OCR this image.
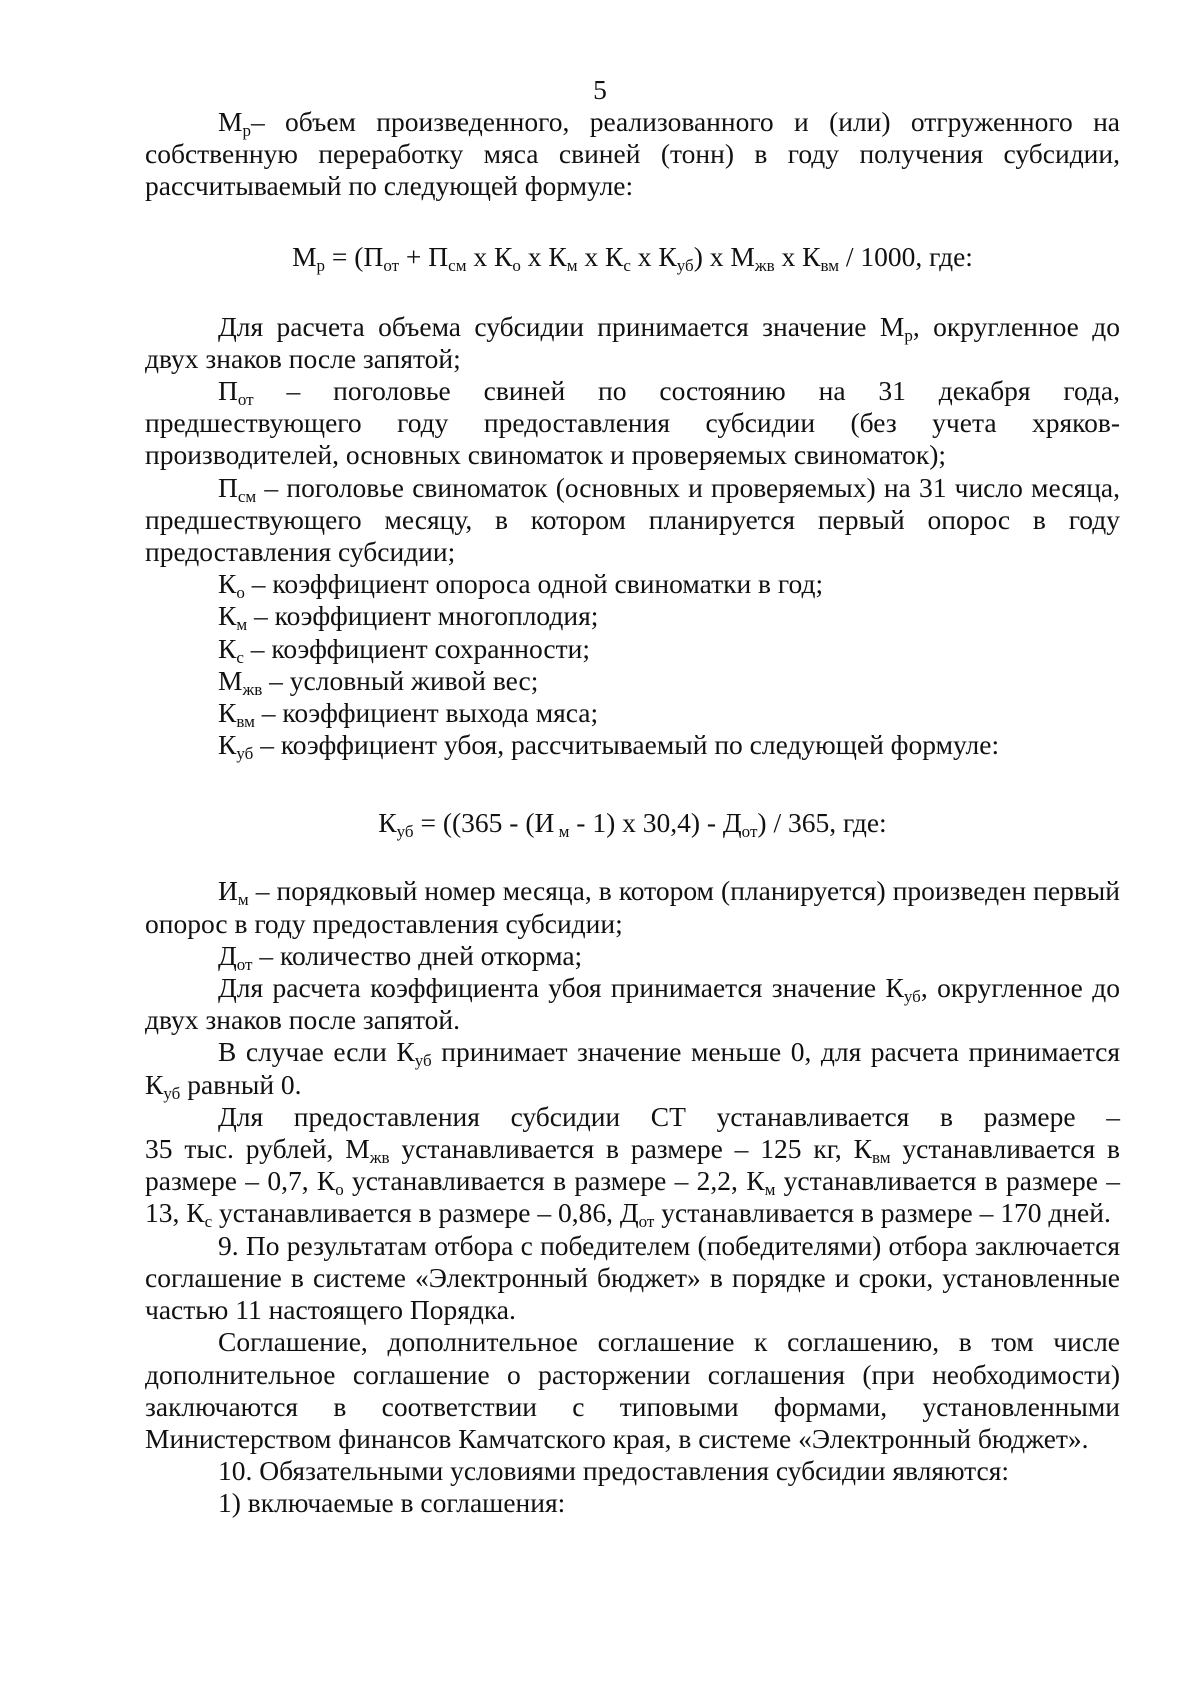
5

$М_р-$ объем произведенного, реализованного и (или) отгруженного на собственную переработку мяса свиней (тонн) в году получения субсидии, рассчитываемый по следующей формуле:

$М_р = (П_{от} + П_{см}$ х $К_о$ х $К_м$ х $К_с$ х $К_{уб}$) х $М_{жв}$ х $К_{вм} / 1000$, где:

Для расчета объема субсидии принимается значение $М_р$, округленное до двух знаков после запятой;

$П_{от}$ – поголовье свиней по состоянию на 31 декабря года,

предшествующего году предоставления субсидии (без учета хряков-производителей, основных свиноматок и проверяемых свиноматок);

$П_{см}$ – поголовье свиноматок (основных и проверяемых) на 31 число месяца, предшествующего месяцу, в котором планируется первый опорос в году предоставления субсидии;

$К_о$ – коэффициент опороса одной свиноматки в год;

$К_м$ – коэффициент многоплодия;

$К_с$ – коэффициент сохранности;

$М_{жв}$ – условный живой вес;

$К_{вм}$ – коэффициент выхода мяса;

$К_{уб}$ – коэффициент убоя, рассчитываемый по следующей формуле:

$К_{уб} = ((365 - (И$ $_м$ - 1) х $30,4) - Д_{от}) / 365$, где:

$И_м$ – порядковый номер месяца, в котором (планируется) произведен первый опорос в году предоставления субсидии;

$Д_{от}$ – количество дней откорма;

Для расчета коэффициента убоя принимается значение $К_{уб}$, округленное до двух знаков после запятой.

В случае если $К_{уб}$ принимает значение меньше 0, для расчета принимается $К_{уб}$ равный 0.

Для предоставления субсидии СТ устанавливается в размере –

35 тыс. рублей, $М_{жв}$ устанавливается в размере – 125 кг, $К_{вм}$ устанавливается в размере – 0,7, $К_о$ устанавливается в размере – 2,2, $К_м$ устанавливается в размере – 13, $К_с$ устанавливается в размере – 0,86, $Д_{от}$ устанавливается в размере – 170 дней.

9. По результатам отбора с победителем (победителями) отбора заключается соглашение в системе «Электронный бюджет» в порядке и сроки, установленные частью 11 настоящего Порядка.

Соглашение, дополнительное соглашение к соглашению, в том числе дополнительное соглашение о расторжении соглашения (при необходимости) заключаются в соответствии с типовыми формами, установленными Министерством финансов Камчатского края, в системе «Электронный бюджет».

10. Обязательными условиями предоставления субсидии являются:

1) включаемые в соглашения:
